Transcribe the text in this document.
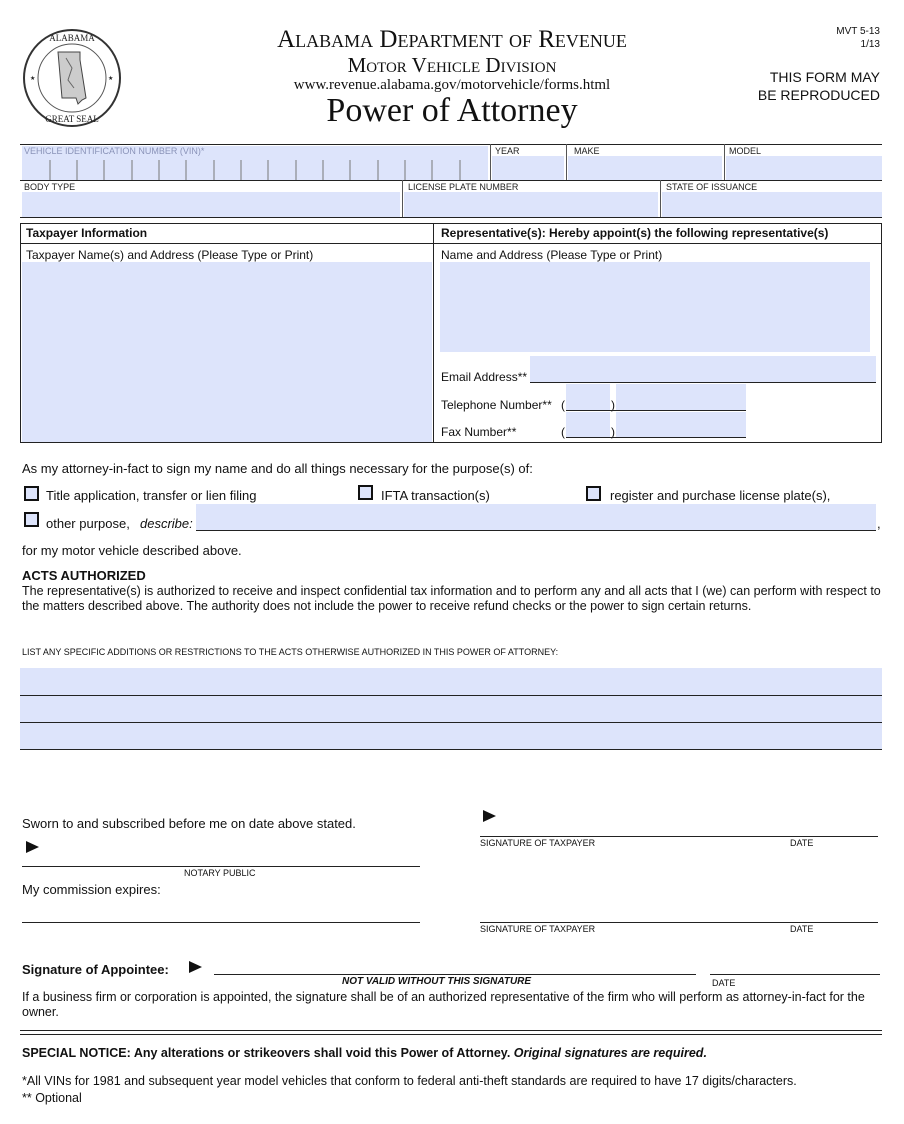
ALABAMA
GREAT SEAL
★	★
Alabama Department of Revenue
Motor Vehicle Division
www.revenue.alabama.gov/motorvehicle/forms.html
Power of Attorney
MVT 5-13
1/13
THIS FORM MAY
BE REPRODUCED
VEHICLE IDENTIFICATION NUMBER (VIN)*	YEAR	MAKE	MODEL
BODY TYPE	LICENSE PLATE NUMBER	STATE OF ISSUANCE
Taxpayer Information
Taxpayer Name(s) and Address (Please Type or Print)
Representative(s): Hereby appoint(s) the following representative(s)
Name and Address (Please Type or Print)
Email Address**
Telephone Number** (	)
Fax Number**	(	)
As my attorney-in-fact to sign my name and do all things necessary for the purpose(s) of:
Title application, transfer or lien filing	IFTA transaction(s)	register and purchase license plate(s),
other purpose, describe:	,
for my motor vehicle described above.
ACTS AUTHORIZED
The representative(s) is authorized to receive and inspect confidential tax information and to perform any and all acts that I (we) can perform with respect to the matters described above. The authority does not include the power to receive refund checks or the power to sign certain returns.
LIST ANY SPECIFIC ADDITIONS OR RESTRICTIONS TO THE ACTS OTHERWISE AUTHORIZED IN THIS POWER OF ATTORNEY:
Sworn to and subscribed before me on date above stated.
NOTARY PUBLIC
My commission expires:
SIGNATURE OF TAXPAYER	DATE
SIGNATURE OF TAXPAYER	DATE
Signature of Appointee:
NOT VALID WITHOUT THIS SIGNATURE	DATE
If a business firm or corporation is appointed, the signature shall be of an authorized representative of the firm who will perform as attorney-in-fact for the owner.
SPECIAL NOTICE: Any alterations or strikeovers shall void this Power of Attorney. Original signatures are required.
*All VINs for 1981 and subsequent year model vehicles that conform to federal anti-theft standards are required to have 17 digits/characters.
** Optional
